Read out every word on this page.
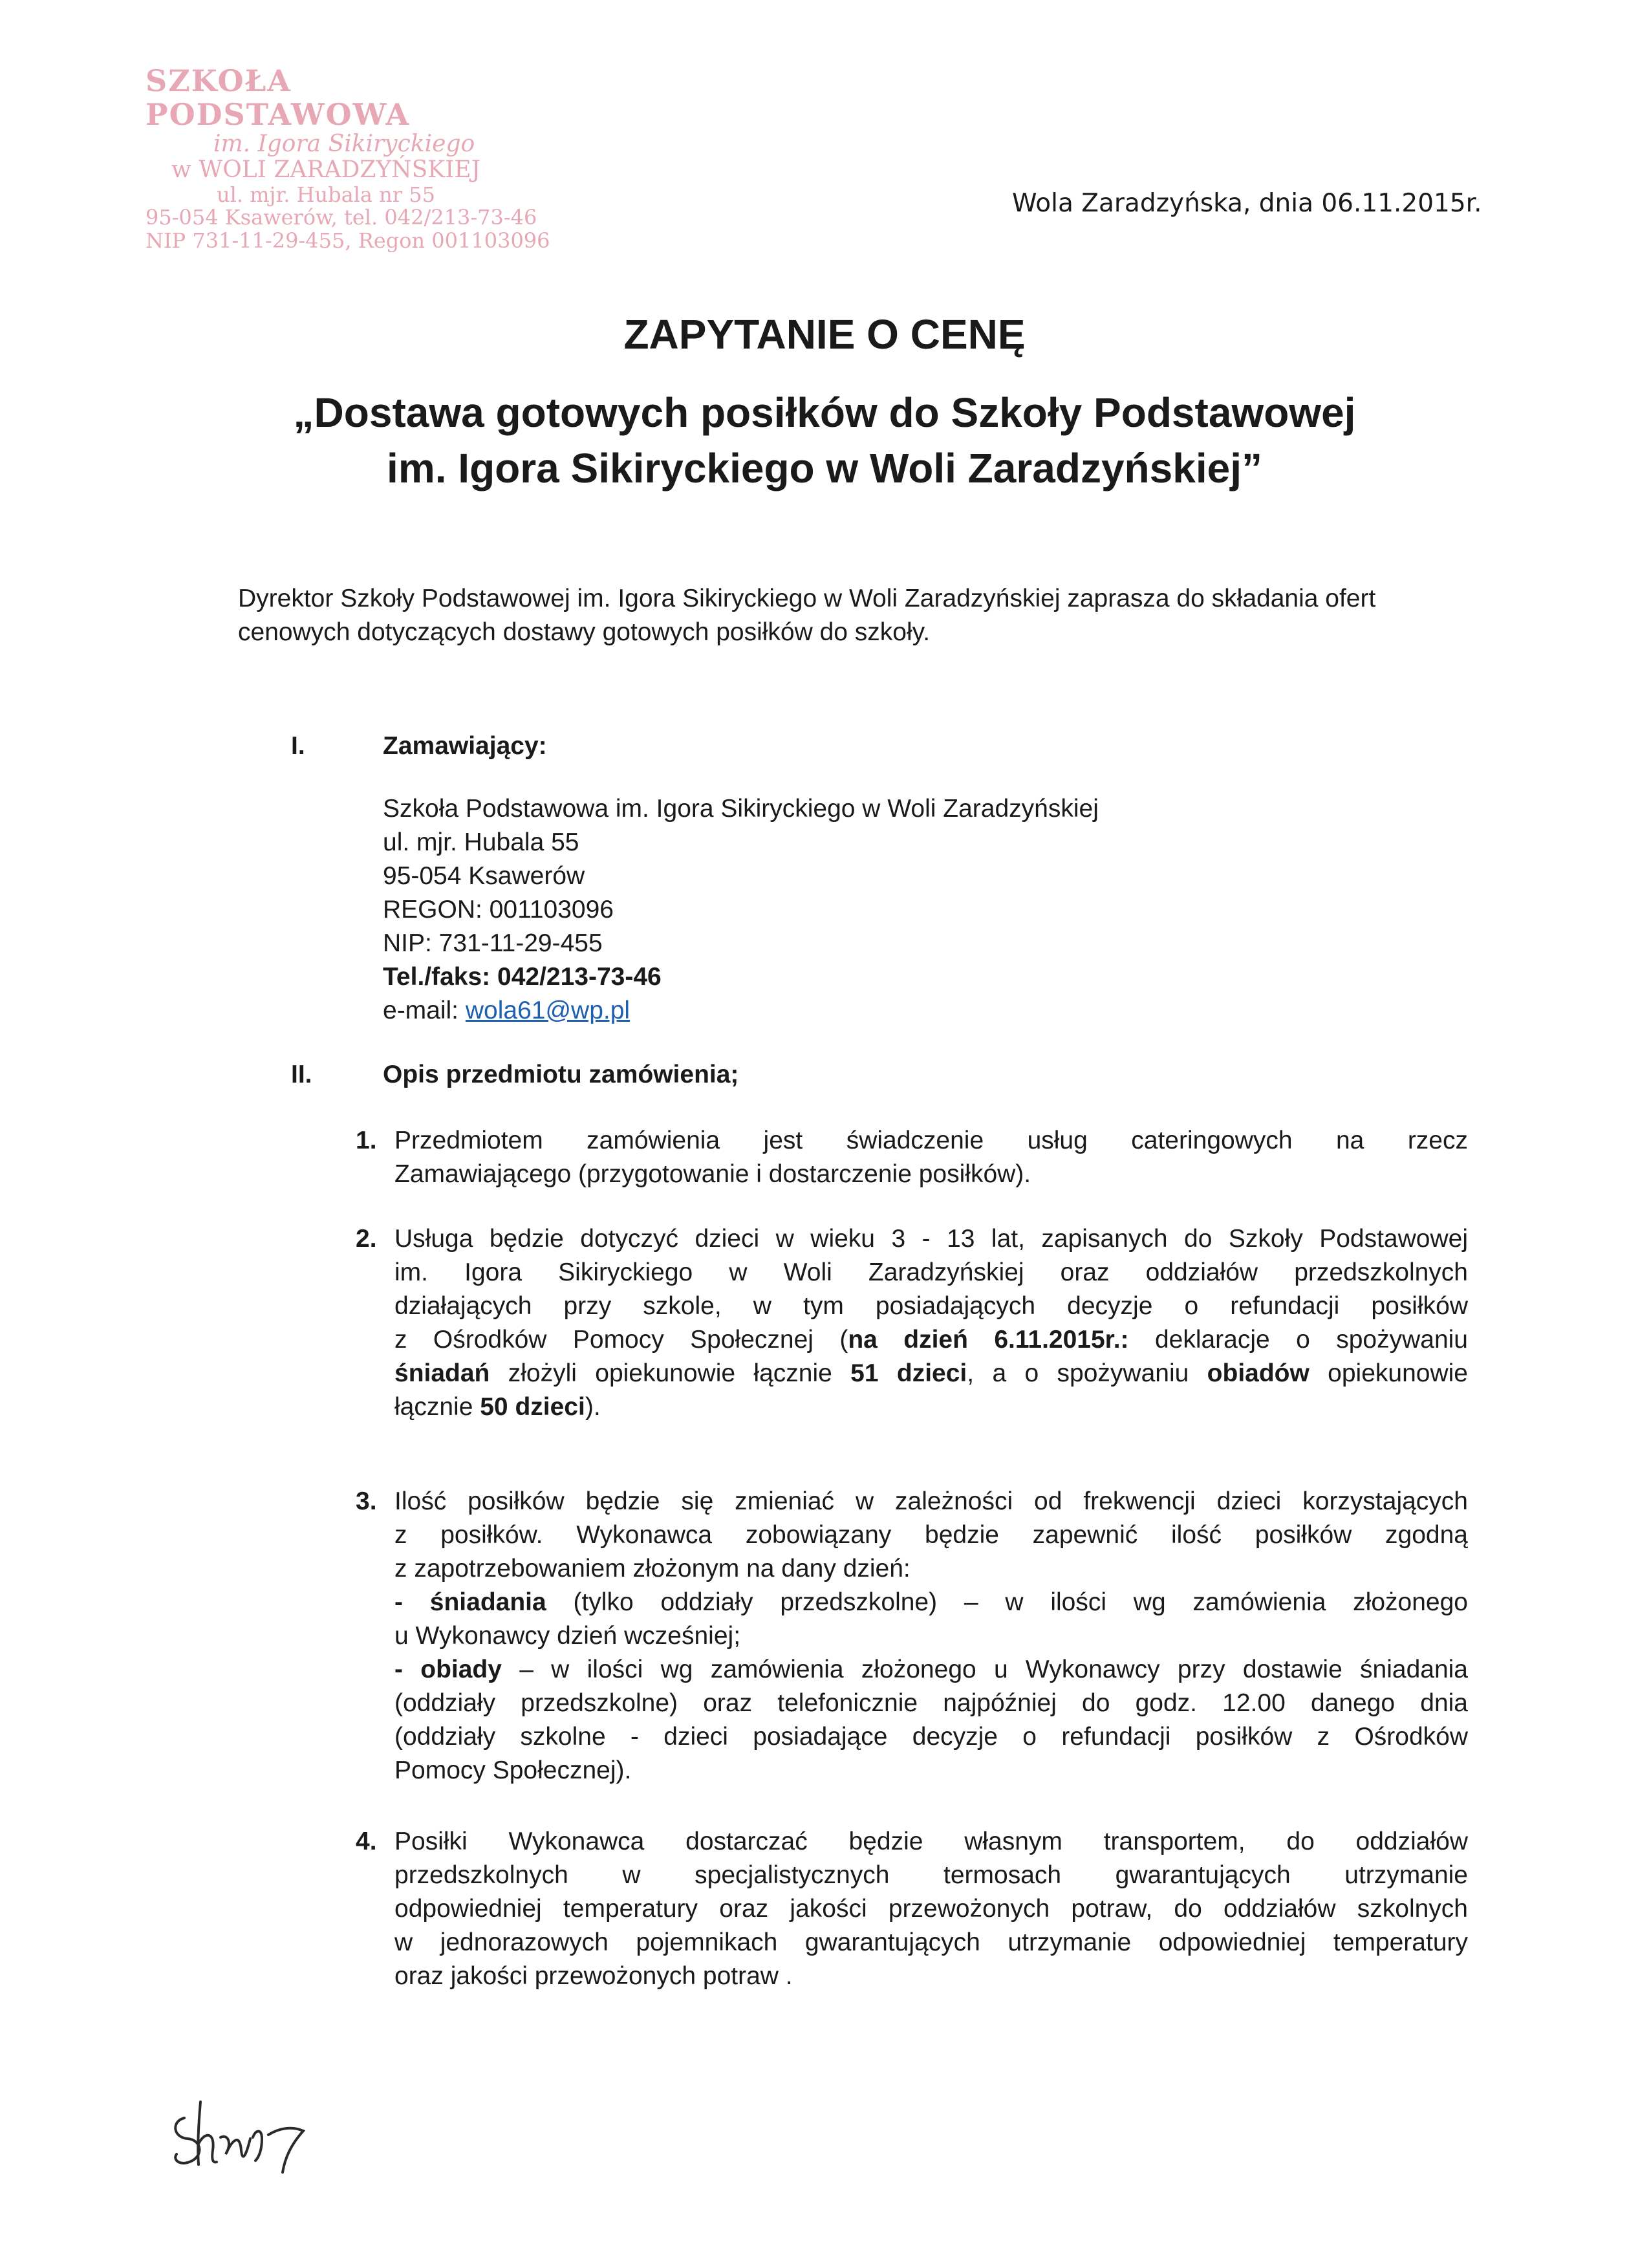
SZKOŁA PODSTAWOWA
im. Igora Sikiryckiego
w WOLI ZARADZYŃSKIEJ
ul. mjr. Hubala nr 55
95-054 Ksawerów, tel. 042/213-73-46
NIP 731-11-29-455, Regon 001103096
Wola Zaradzyńska, dnia 06.11.2015r.
ZAPYTANIE O CENĘ
„Dostawa gotowych posiłków do Szkoły Podstawowej
im. Igora Sikiryckiego w Woli Zaradzyńskiej”
Dyrektor Szkoły Podstawowej im. Igora Sikiryckiego w Woli Zaradzyńskiej zaprasza do składania ofert
cenowych dotyczących dostawy gotowych posiłków do szkoły.
I.	Zamawiający:
Szkoła Podstawowa im. Igora Sikiryckiego w Woli Zaradzyńskiej
ul. mjr. Hubala 55
95-054 Ksawerów
REGON: 001103096
NIP: 731-11-29-455
Tel./faks: 042/213-73-46
e-mail: wola61@wp.pl
II.	Opis przedmiotu zamówienia;
1. Przedmiotem zamówienia jest świadczenie usług cateringowych na rzecz
Zamawiającego (przygotowanie i dostarczenie posiłków).
2. Usługa będzie dotyczyć dzieci w wieku 3 - 13 lat, zapisanych do Szkoły Podstawowej
im. Igora Sikiryckiego w Woli Zaradzyńskiej oraz oddziałów przedszkolnych
działających przy szkole, w tym posiadających decyzje o refundacji posiłków
z Ośrodków Pomocy Społecznej (na dzień 6.11.2015r.: deklaracje o spożywaniu
śniadań złożyli opiekunowie łącznie 51 dzieci, a o spożywaniu obiadów opiekunowie
łącznie 50 dzieci).
3. Ilość posiłków będzie się zmieniać w zależności od frekwencji dzieci korzystających
z posiłków. Wykonawca zobowiązany będzie zapewnić ilość posiłków zgodną
z zapotrzebowaniem złożonym na dany dzień:
- śniadania (tylko oddziały przedszkolne) – w ilości wg zamówienia złożonego
u Wykonawcy dzień wcześniej;
- obiady – w ilości wg zamówienia złożonego u Wykonawcy przy dostawie śniadania
(oddziały przedszkolne) oraz telefonicznie najpóźniej do godz. 12.00 danego dnia
(oddziały szkolne - dzieci posiadające decyzje o refundacji posiłków z Ośrodków
Pomocy Społecznej).
4. Posiłki Wykonawca dostarczać będzie własnym transportem, do oddziałów
przedszkolnych w specjalistycznych termosach gwarantujących utrzymanie
odpowiedniej temperatury oraz jakości przewożonych potraw, do oddziałów szkolnych
w jednorazowych pojemnikach gwarantujących utrzymanie odpowiedniej temperatury
oraz jakości przewożonych potraw .
